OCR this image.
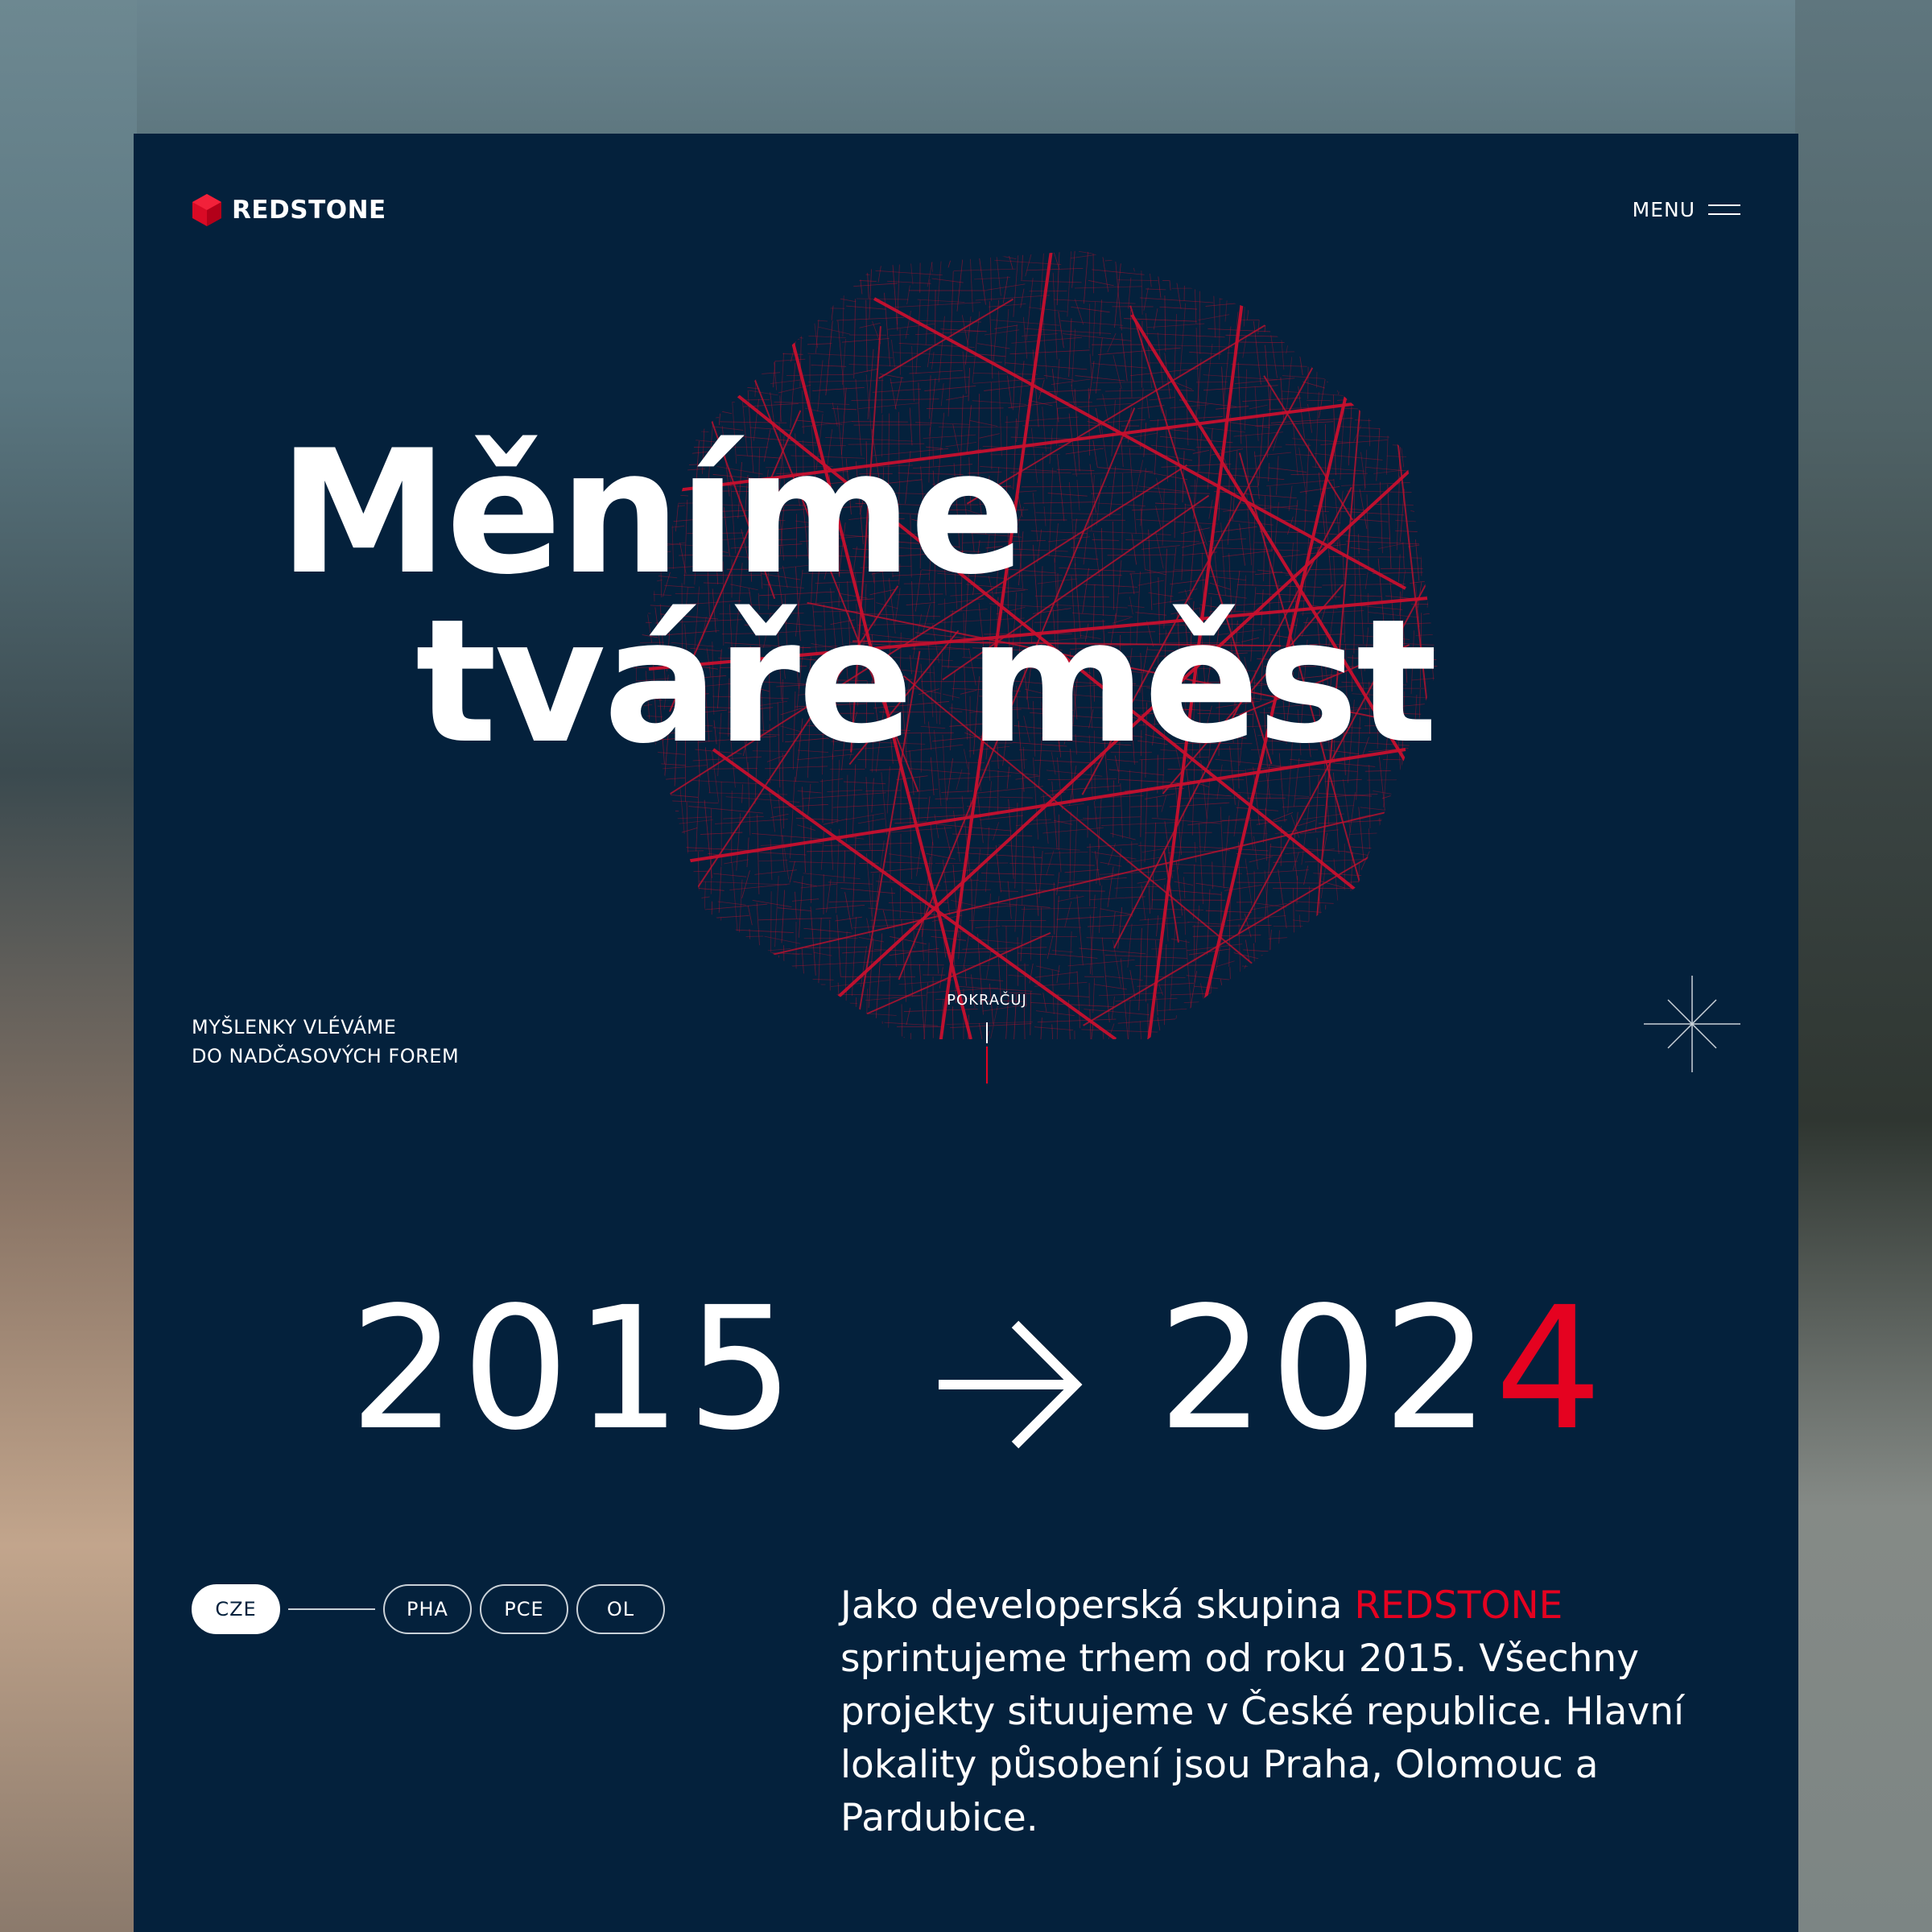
REDSTONE	MENU
Měníme
tváře měst
MYŠLENKY VLÉVÁME
DO NADČASOVÝCH FOREM
POKRAČUJ
2015 2024
CZE	PHA	PCE	OL	Jako developerská skupina REDSTONE sprintujeme trhem od roku 2015. Všechny projekty situujeme v České republice. Hlavní lokality působení jsou Praha, Olomouc a Pardubice.
